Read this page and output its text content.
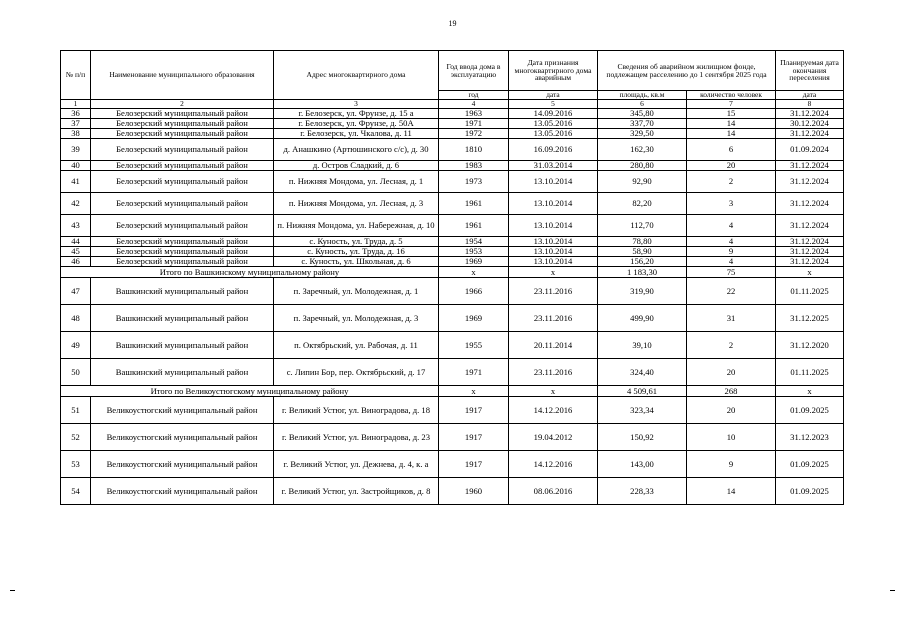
19
№ п/п	Наименование муниципального образования	Адрес многоквартирного дома	Год ввода дома в эксплуатацию	Дата признания многоквартирного дома аварийным	Сведения об аварийном жилищном фонде, подлежащем расселению до 1 сентября 2025 года		Планируемая дата окончания переселения
			год	дата	площадь, кв.м	количество человек	дата
1	2	3	4	5	6	7	8
36	Белозерский муниципальный район	г. Белозерск, ул. Фрунзе, д. 15 а	1963	14.09.2016	345,80	15	31.12.2024
37	Белозерский муниципальный район	г. Белозерск, ул. Фрунзе, д. 50А	1971	13.05.2016	337,70	14	30.12.2024
38	Белозерский муниципальный район	г. Белозерск, ул. Чкалова, д. 11	1972	13.05.2016	329,50	14	31.12.2024
39	Белозерский муниципальный район	д. Анашкино (Артюшинского с/с), д. 30	1810	16.09.2016	162,30	6	01.09.2024
40	Белозерский муниципальный район	д. Остров Сладкий, д. 6	1983	31.03.2014	280,80	20	31.12.2024
41	Белозерский муниципальный район	п. Нижняя Мондома, ул. Лесная, д. 1	1973	13.10.2014	92,90	2	31.12.2024
42	Белозерский муниципальный район	п. Нижняя Мондома, ул. Лесная, д. 3	1961	13.10.2014	82,20	3	31.12.2024
43	Белозерский муниципальный район	п. Нижняя Мондома, ул. Набережная, д. 10	1961	13.10.2014	112,70	4	31.12.2024
44	Белозерский муниципальный район	с. Куность, ул. Труда, д. 5	1954	13.10.2014	78,80	4	31.12.2024
45	Белозерский муниципальный район	с. Куность, ул. Труда, д. 16	1953	13.10.2014	58,90	9	31.12.2024
46	Белозерский муниципальный район	с. Куность, ул. Школьная, д. 6	1969	13.10.2014	156,20	4	31.12.2024
Итого по Вашкинскому муниципальному району			х	х	1 183,30	75	х
47	Вашкинский муниципальный район	п. Заречный, ул. Молодежная, д. 1	1966	23.11.2016	319,90	22	01.11.2025
48	Вашкинский муниципальный район	п. Заречный, ул. Молодежная, д. 3	1969	23.11.2016	499,90	31	31.12.2025
49	Вашкинский муниципальный район	п. Октябрьский, ул. Рабочая, д. 11	1955	20.11.2014	39,10	2	31.12.2020
50	Вашкинский муниципальный район	с. Липин Бор, пер. Октябрьский, д. 17	1971	23.11.2016	324,40	20	01.11.2025
Итого по Великоустюгскому муниципальному району			х	х	4 509,61	268	х
51	Великоустюгский муниципальный район	г. Великий Устюг, ул. Виноградова, д. 18	1917	14.12.2016	323,34	20	01.09.2025
52	Великоустюгский муниципальный район	г. Великий Устюг, ул. Виноградова, д. 23	1917	19.04.2012	150,92	10	31.12.2023
53	Великоустюгский муниципальный район	г. Великий Устюг, ул. Дежнева, д. 4, к. а	1917	14.12.2016	143,00	9	01.09.2025
54	Великоустюгский муниципальный район	г. Великий Устюг, ул. Застройщиков, д. 8	1960	08.06.2016	228,33	14	01.09.2025
